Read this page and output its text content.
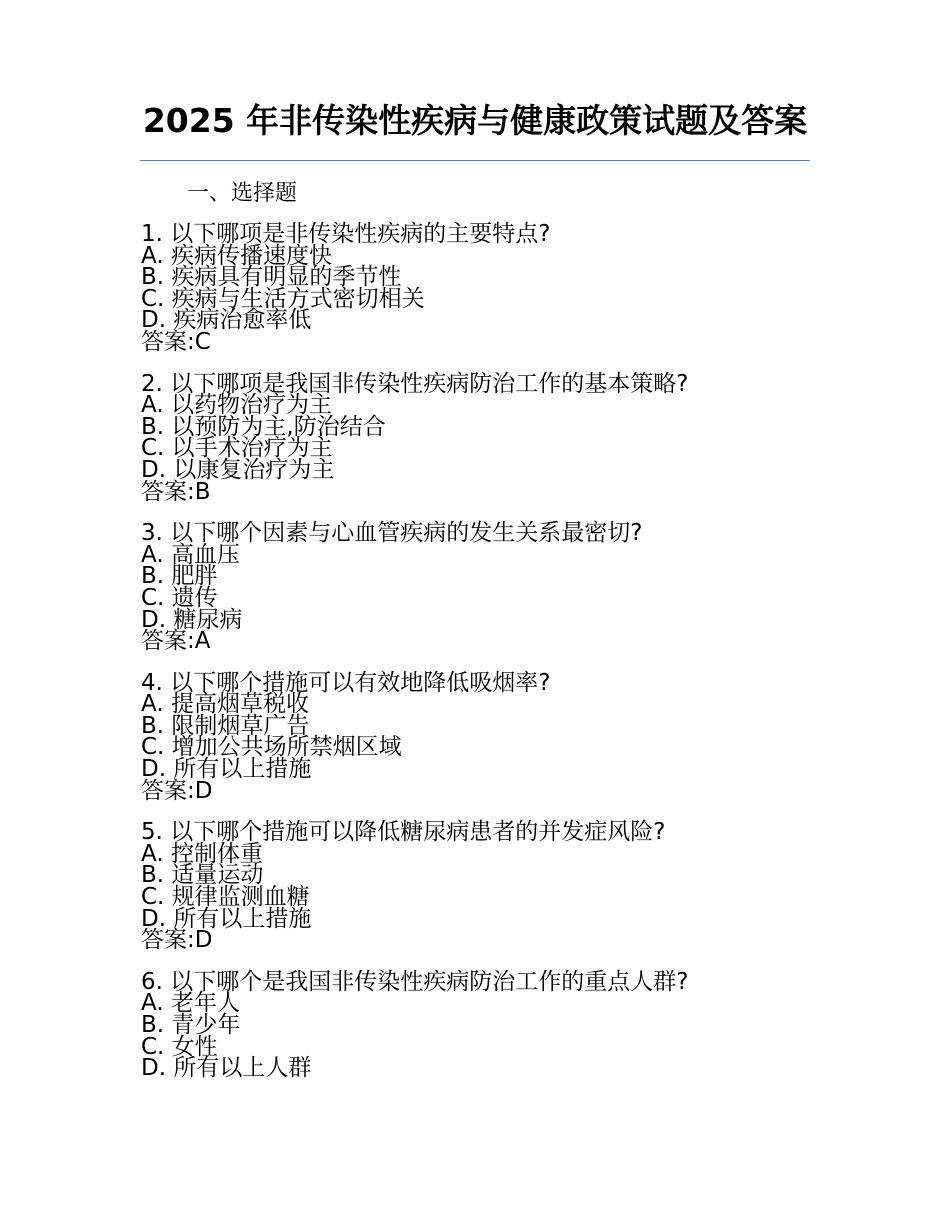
2025 年非传染性疾病与健康政策试题及答案
一、选择题
1. 以下哪项是非传染性疾病的主要特点?
A. 疾病传播速度快
B. 疾病具有明显的季节性
C. 疾病与生活方式密切相关
D. 疾病治愈率低
答案:C
2. 以下哪项是我国非传染性疾病防治工作的基本策略?
A. 以药物治疗为主
B. 以预防为主,防治结合
C. 以手术治疗为主
D. 以康复治疗为主
答案:B
3. 以下哪个因素与心血管疾病的发生关系最密切?
A. 高血压
B. 肥胖
C. 遗传
D. 糖尿病
答案:A
4. 以下哪个措施可以有效地降低吸烟率?
A. 提高烟草税收
B. 限制烟草广告
C. 增加公共场所禁烟区域
D. 所有以上措施
答案:D
5. 以下哪个措施可以降低糖尿病患者的并发症风险?
A. 控制体重
B. 适量运动
C. 规律监测血糖
D. 所有以上措施
答案:D
6. 以下哪个是我国非传染性疾病防治工作的重点人群?
A. 老年人
B. 青少年
C. 女性
D. 所有以上人群
